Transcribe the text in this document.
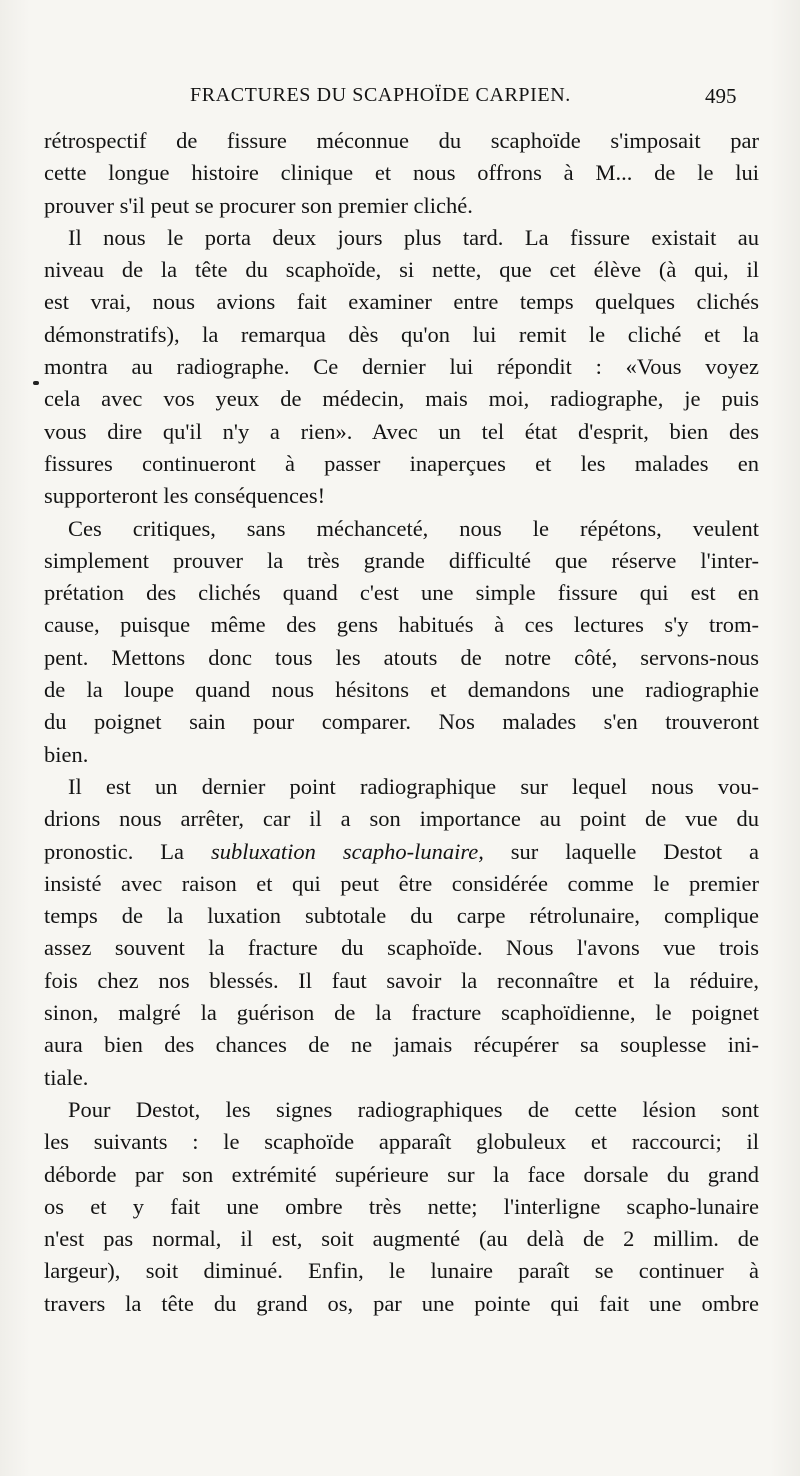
FRACTURES DU SCAPHOÏDE CARPIEN.	495
rétrospectif de fissure méconnue du scaphoïde s'imposait par
cette longue histoire clinique et nous offrons à M... de le lui
prouver s'il peut se procurer son premier cliché.
Il nous le porta deux jours plus tard. La fissure existait au
niveau de la tête du scaphoïde, si nette, que cet élève (à qui, il
est vrai, nous avions fait examiner entre temps quelques clichés
démonstratifs), la remarqua dès qu'on lui remit le cliché et la
montra au radiographe. Ce dernier lui répondit : «Vous voyez
cela avec vos yeux de médecin, mais moi, radiographe, je puis
vous dire qu'il n'y a rien». Avec un tel état d'esprit, bien des
fissures continueront à passer inaperçues et les malades en
supporteront les conséquences!
Ces critiques, sans méchanceté, nous le répétons, veulent
simplement prouver la très grande difficulté que réserve l'inter-
prétation des clichés quand c'est une simple fissure qui est en
cause, puisque même des gens habitués à ces lectures s'y trom-
pent. Mettons donc tous les atouts de notre côté, servons-nous
de la loupe quand nous hésitons et demandons une radiographie
du poignet sain pour comparer. Nos malades s'en trouveront
bien.
Il est un dernier point radiographique sur lequel nous vou-
drions nous arrêter, car il a son importance au point de vue du
pronostic. La subluxation scapho-lunaire, sur laquelle Destot a
insisté avec raison et qui peut être considérée comme le premier
temps de la luxation subtotale du carpe rétrolunaire, complique
assez souvent la fracture du scaphoïde. Nous l'avons vue trois
fois chez nos blessés. Il faut savoir la reconnaître et la réduire,
sinon, malgré la guérison de la fracture scaphoïdienne, le poignet
aura bien des chances de ne jamais récupérer sa souplesse ini-
tiale.
Pour Destot, les signes radiographiques de cette lésion sont
les suivants : le scaphoïde apparaît globuleux et raccourci; il
déborde par son extrémité supérieure sur la face dorsale du grand
os et y fait une ombre très nette; l'interligne scapho-lunaire
n'est pas normal, il est, soit augmenté (au delà de 2 millim. de
largeur), soit diminué. Enfin, le lunaire paraît se continuer à
travers la tête du grand os, par une pointe qui fait une ombre
